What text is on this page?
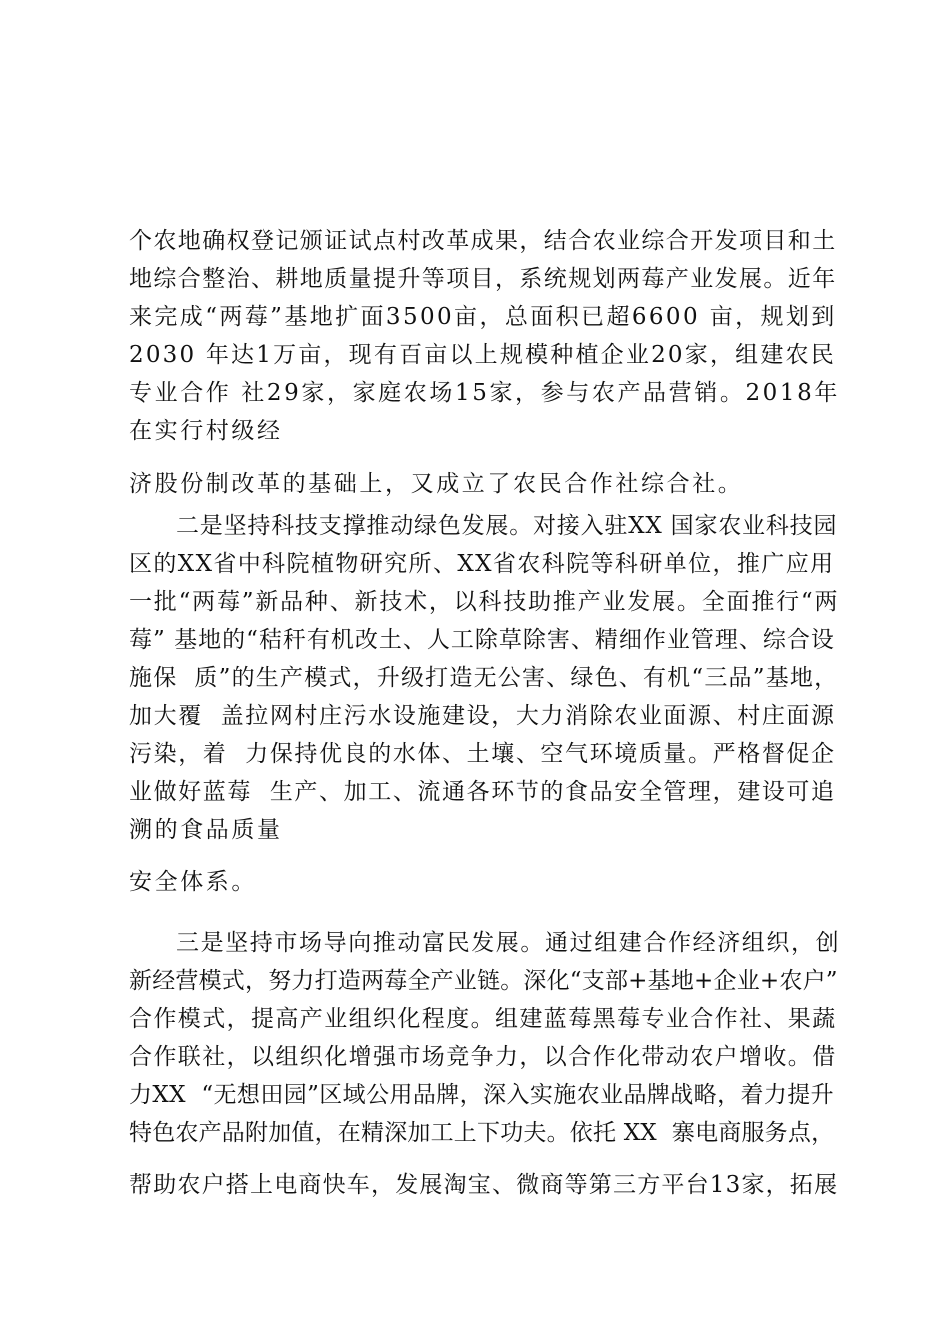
个农地确权登记颁证试点村改革成果，结合农业综合开发项目和土
地综合整治、耕地质量提升等项目，系统规划两莓产业发展。近年
来完成“两莓”基地扩面3500亩，总面积已超6600 亩，规划到
2030 年达1万亩，现有百亩以上规模种植企业20家，组建农民
专业合作 社29家，家庭农场15家，参与农产品营销。2018年
在实行村级经
济股份制改革的基础上，又成立了农民合作社综合社。
二是坚持科技支撑推动绿色发展。对接入驻XX 国家农业科技园
区的XX省中科院植物研究所、XX省农科院等科研单位，推广应用
一批“两莓”新品种、新技术，以科技助推产业发展。全面推行“两
莓” 基地的“秸秆有机改土、人工除草除害、精细作业管理、综合设
施保  质”的生产模式，升级打造无公害、绿色、有机“三品”基地，
加大覆  盖拉网村庄污水设施建设，大力消除农业面源、村庄面源
污染，着  力保持优良的水体、土壤、空气环境质量。严格督促企
业做好蓝莓  生产、加工、流通各环节的食品安全管理，建设可追
溯的食品质量
安全体系。
三是坚持市场导向推动富民发展。通过组建合作经济组织，创
新经营模式，努力打造两莓全产业链。深化“支部+基地+企业+农户”
合作模式，提高产业组织化程度。组建蓝莓黑莓专业合作社、果蔬
合作联社，以组织化增强市场竞争力，以合作化带动农户增收。借
力XX  “无想田园”区域公用品牌，深入实施农业品牌战略，着力提升
特色农产品附加值，在精深加工上下功夫。依托 XX  寨电商服务点，
帮助农户搭上电商快车，发展淘宝、微商等第三方平台13家，拓展
